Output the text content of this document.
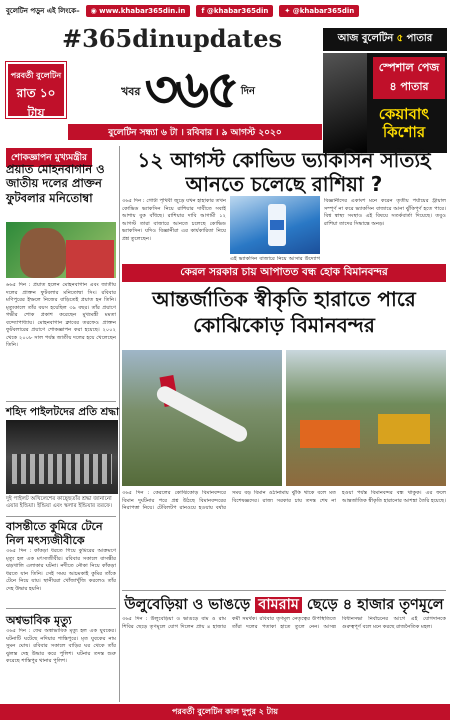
বুলেটিন পড়ুন এই লিংকে–	◉ www.khabar365din.in	f @khabar365din	✦ @khabar365din
#365dinupdates
পরবর্তী বুলেটিন
রাত ১০ টায়
খবর ৩৬৫ দিন
আজ বুলেটিন ৫ পাতার
স্পেশাল পেজ
৪ পাতার
কেয়াবাৎ কিশোর
বুলেটিন সন্ধ্যা ৬ টা । রবিবার । ৯ আগস্ট ২০২০
শোকজ্ঞাপন মুখ্যমন্ত্রীর
প্রয়াত মোহনবাগান ও জাতীয় দলের প্রাক্তন ফুটবলার মনিতোম্বা
৬৬৫ দিন : প্রয়াত হলেন মোহনবাগান এবং জাতীয় দলের প্রাক্তন ফুটবলার মনিতোম্বা সিং। রবিবার মণিপুরের ইম্ফলে নিজের বাড়িতেই প্রয়াত হন তিনি। মৃত্যুকালে তাঁর বয়স হয়েছিল ৩৯ বছর। তাঁর প্রয়াণে গভীর শোক প্রকাশ করেছেন মুখ্যমন্ত্রী মমতা বন্দ্যোপাধ্যায়। মোহনবাগান ক্লাবের তরফেও প্রাক্তন ফুটবলারের প্রয়াণে শোকজ্ঞাপন করা হয়েছে। ২০০২ থেকে ২০০৮ সাল পর্যন্ত জাতীয় দলের হয়ে খেলেছেন তিনি।
শহিদ পাইলটদের প্রতি শ্রদ্ধা
দুই পাইলট অখিলেশের কাছ্ছেতাঁর শ্রদ্ধা জানানো এয়ার ইন্ডিয়া। ইন্ডিয়া এবং স্কলার ইন্ডিয়ার তরফে।
বাসন্তীতে কুমিরে টেনে নিল মৎস্যজীবীকে
৩৬৫ দিন : কাঁকড়া ধরতে গিয়ে কুমিরের আক্রমণে মৃত্যু হল এক মৎস্যজীবীর। রবিবার সকালে বাসন্তীর ঝড়খালি এলাকার ঘটনা। নদীতে নৌকা নিয়ে কাঁকড়া ধরতে যান তিনি। সেই সময় আচমকাই কুমির তাঁকে টেনে নিয়ে যায়। স্থানীয়রা খোঁজাখুঁজি করলেও তাঁর দেহ উদ্ধার হয়নি।
অশ্বভাবিক মৃত্যু
৩৬৫ দিন : ফের অস্বাভাবিক মৃত্যু হল এক যুবকের। ঘটনাটি ঘটেছে নদিয়ার শান্তিপুরে। মৃত যুবকের নাম সুমন ঘোষ। রবিবার সকালে বাড়ির ঘর থেকে তাঁর ঝুলন্ত দেহ উদ্ধার করে পুলিশ। ঘটনার তদন্ত শুরু করেছে শান্তিপুর থানার পুলিশ।
১২ আগস্ট কোভিড ভ্যাকসিন সত্যিই আনতে চলেছে রাশিয়া ?
৩৬৫ দিন : গোটা পৃথিবী জুড়ে যখন হাহাকার তখন কোভিড ভ্যাকসিন নিয়ে রাশিয়ার দাবীতে সবাই আশায় বুক বাঁধছে। রাশিয়ার দাবি আগামী ১২ আগস্ট তারা বাজারে আনতে চলেছে কোভিড ভ্যাকসিন। যদিও বিজ্ঞানীরা এর কার্যকারিতা নিয়ে প্রশ্ন তুলেছেন।
এই ভ্যাকসিন বাজারে নিয়ে আসার উদ্যোগ
বিজ্ঞানীদের একাংশ মনে করেন তৃতীয় পর্যায়ের ট্রায়াল সম্পূর্ণ না করে ভ্যাকসিন বাজারে আনা ঝুঁকিপূর্ণ হতে পারে। বিশ্ব স্বাস্থ্য সংস্থাও এই বিষয়ে সতর্কবার্তা দিয়েছে। তবুও রাশিয়া তাদের সিদ্ধান্তে অনড়।
কেরল সরকার চায় আপাতত বন্ধ হোক বিমানবন্দর
আন্তর্জাতিক স্বীকৃতি হারাতে পারে কোঝিকোড় বিমানবন্দর
৩৬৫ দিন : কেরলের কোঝিকোড় বিমানবন্দরে বিমান দুর্ঘটনার পরে প্রশ্ন উঠছে বিমানবন্দরের নিরাপত্তা নিয়ে। টেবিলটপ রানওয়ে হওয়ায় বর্ষার সময় বড় বিমান ওঠানামায় ঝুঁকি থাকে বলে মত বিশেষজ্ঞদের। রাজ্য সরকার চায় তদন্ত শেষ না হওয়া পর্যন্ত বিমানবন্দর বন্ধ থাকুক। এর ফলে আন্তর্জাতিক স্বীকৃতি হারানোর আশঙ্কা তৈরি হয়েছে।
উলুবেড়িয়া ও ভাঙড়ে বামরাম ছেড়ে ৪ হাজার তৃণমূলে
৩৬৫ দিন : উলুবেড়িয়া ও ভাঙড়ে বাম ও রাম শিবির ছেড়ে তৃণমূলে যোগ দিলেন প্রায় ৪ হাজার কর্মী সমর্থক। রবিবার তৃণমূল নেতৃত্বের উপস্থিতিতে তাঁরা দলের পতাকা হাতে তুলে নেন। আসন্ন বিধানসভা নির্বাচনের আগে এই যোগদানকে গুরুত্বপূর্ণ বলে মনে করছে রাজনৈতিক মহল।
পরবর্তী বুলেটিন কাল দুপুর ২ টায়
